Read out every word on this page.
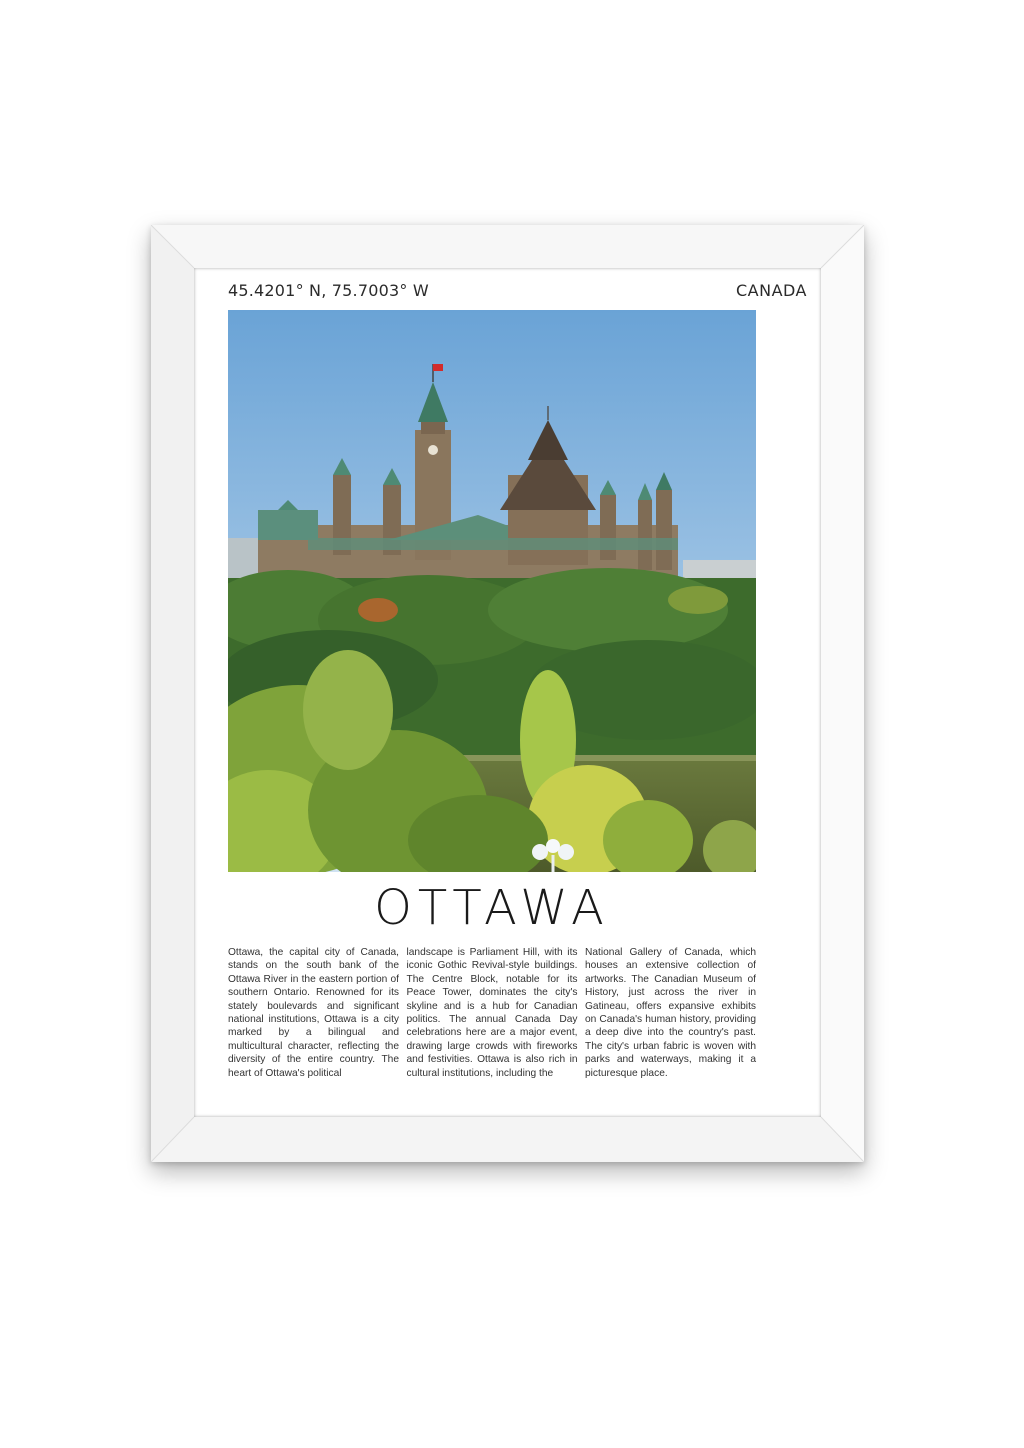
45.4201° N, 75.7003° W	CANADA
OTTAWA
Ottawa, the capital city of Canada, stands on the south bank of the Ottawa River in the eastern portion of southern Ontario. Renowned for its stately boulevards and significant national institutions, Ottawa is a city marked by a bilingual and multicultural character, reflecting the diversity of the entire country. The heart of Ottawa's political
landscape is Parliament Hill, with its iconic Gothic Revival-style buildings. The Centre Block, notable for its Peace Tower, dominates the city's skyline and is a hub for Canadian politics. The annual Canada Day celebrations here are a major event, drawing large crowds with fireworks and festivities. Ottawa is also rich in cultural institutions, including the
National Gallery of Canada, which houses an extensive collection of artworks. The Canadian Museum of History, just across the river in Gatineau, offers expansive exhibits on Canada's human history, providing a deep dive into the country's past. The city's urban fabric is woven with parks and waterways, making it a picturesque place.
